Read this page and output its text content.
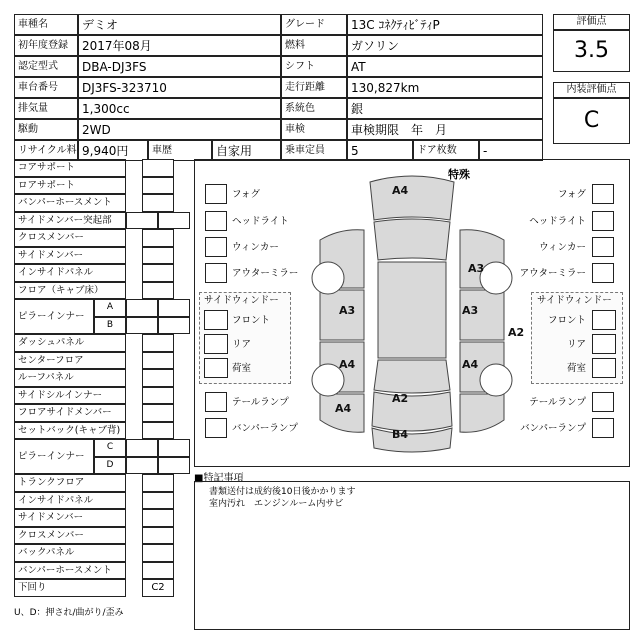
車種名	デミオ	グレード	13C ｺﾈｸﾃｨﾋﾞﾃｨP
初年度登録	2017年08月	燃料	ガソリン
認定型式	DBA-DJ3FS	シフト	AT
車台番号	DJ3FS-323710	走行距離	130,827km
排気量	1,300cc	系統色	銀
駆動	2WD	車検	車検期限　年　月
リサイクル料 9,940円	車歴	自家用	乗車定員	5	ドア枚数	-
評価点
3.5
内装評価点
C
コアサポート
ロアサポート
バンパーホースメント
サイドメンバー突起部
クロスメンバー
サイドメンバー
インサイドパネル
フロア（キャブ床）
ピラーインナー
A
B
ダッシュパネル
センターフロア
ルーフパネル
サイドシルインナー
フロアサイドメンバー
セットバック(キャブ背)
ピラーインナー
C
D
トランクフロア
インサイドパネル
サイドメンバー
クロスメンバー
バックパネル
バンパーホースメント
下回り	C2
U、D：押され/曲がり/歪み
特殊
フォグ
ヘッドライト
ウィンカー
アウターミラー
フォグ
ヘッドライト
ウィンカー
アウターミラー
サイドウィンドー	サイドウィンドー
フロント	フロント
リア	リア
荷室	荷室
テールランプ
バンパーランプ
テールランプ
バンパーランプ
A4
A3	A3
A3
A2
A4	A4
A4
A2
B4
■特記事項
書類送付は成約後10日後かかります
室内汚れ　エンジンルーム内サビ
